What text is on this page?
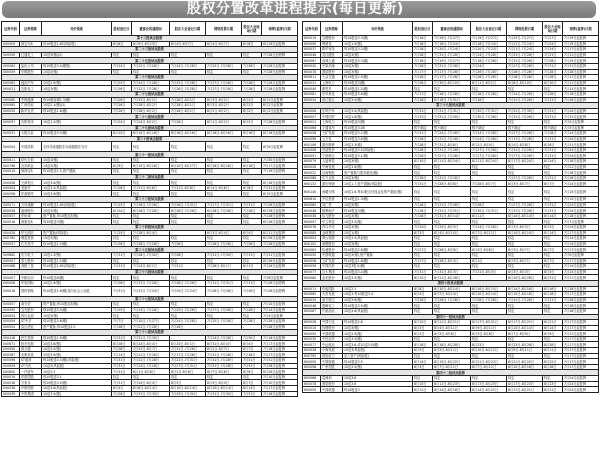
股权分置改革进程提示(每日更新)
证券代码	证券简称	对价预案	股权登记日	董事会沟通期间	股东大会登记日期	网络投票日期	股东大会现场日期	停牌(复牌)日期
第十三批试点股票								
000009	深宝安A	每10股送1.65(风险股)	6月8日	6月9日-6月23日	6月4日-6月7日	6月4日-6月7日	6月8日	6月19日起复牌
第二十三批试点股票								
000059	辽通化工	10送3(赠)(2)	待定	待定	待定	待定	待定	7月28日起停牌
第二十五批试点股票								
000084	盐化公司	每10股送3.4(赠股)	7月24日	7月22日-7月28日	7月24日-7月28日	7月25日-7月28日	7月28日	7月28日起复牌
000059	华锦股份	10送3(赠)	待定	待定	待定	待定	待定	7月28日起停牌
第二十六批试点股票								
000063	福田汽车	10送2.9(赠)	7月25日	7月24日-7月28日	7月25日-7月28日	7月27日-7月28日	7月28日	7月28日起复牌
000021	沈阳化工	10送3(赠)	7月26日	7月22日-7月28日	7月26日-7月28日	7月27日-7月28日	7月28日	7月28日起复牌
第二十七批试点股票								
000080	中科健康	每10股转增1.3(赠)	7月26日	7月25日-8月2日	7月28日-8月1日	8月3日-8月2日	8月2日	8月2日起复牌
000065	广州药业	10送2.1(赠)(2)	7月26日	7月28日-8月2日	7月28日-8月1日	8月3日-8月2日	8月2日	8月2日起复牌
000050	新华百货	每10股送1.6(赠)	7月26日	7月28日-8月2日	7月28日-8月1日	8月2日-8月2日	8月2日	8月2日起复牌
第二十八批试点股票								
000097	沈阳机床	10送1.2(赠)	7月24日	7月24日-8月2日	7月28日	8月1日-8月2日	8月2日	7月28日起复牌
第二十九批试点股票								
000031	太极实业	每10股送3.3(赠)	8月10日	8月10日-8月16日	8月16日-8月16日	8月16日-8月16日	8月16日	8月16日起复牌
第三十批试点股票								
000004	中国高科	全体非流通股东向流通股东支付	待定	待定	待定	待定	待定	8月9日起复牌
第三十一批试点股票								
000611	时代万恒	10送3(赠)	待定	待定	待定	待定	待定	7月30日起复牌
000796	宜宾纸业	10送3(赠)	8月9日	8月10日-8月16日	8月10日-8月17日	8月16日-8月16日	8月16日	7月17日起复牌
000019	深深宝A	每10股送1.5,资产置换	待定	待定	待定	待定	待定	7月19日起停牌
第三十二批试点股票								
000058	天津松江	10送3.6(赠)	待定	待定	待定	待定	待定	8月16日起复牌
000004	美丽华	10送3.5(风险股)	7月28日	7月31日-8月8日	7月31日-8月8日	8月4日-8月8日	8月8日	7月31日起复牌
000058	华润锦华	10送3.6(赠)	待定	待定	待定	待定	待定	8月5日起复牌
第三十三批试点股票								
000071	万向钱潮	每10股送1.65(风险股)	7月25日	7月26日-7月28日	7月26日-7月31日	7月27日-7月31日	7月31日	7月28日起复牌
000058	盛润股份	10送3(赠)	6月24日	6月26日-7月28日	6月26日-7月28日	6月28日-7月28日	7月28日	6月26日起复牌
000057	华侨城	资产置换,每10股送3(赠)	待定	待定	待定	待定	待定	7月28日起停牌
000016	深康佳A	每10股送3(赠)	待定	待定	待定	待定	待定	8月16日起复牌
第三十四批试点股票								
000428	华天酒店	资产置换(风险股)	7月25日	7月28日-8月4日	-	8月3日-8月4日	8月4日	8月11日起复牌
000760	博盈投资	10送3(赠)	待定	待定	待定	待定	待定	8月26日起复牌
000057	江苏吴中	每10股送1.5(赠)	7月28日	7月28日-7月28日	7月28日	7月28日-7月28日	7月28日	7月28日起复牌
第三十五批试点股票								
000682	东方电子	10送1.3(赠)	7月31日	7月28日-7月30日	7月28日	7月31日-7月30日	7月31日	7月31日起复牌
000007	零七股份	每10股送1.5(赠)	待定	待定	待定	待定	待定	8月16日起复牌
000068	赛格三星	每10股送1.65(风险股)	7月31日	7月24日-8月1日	7月31日	7月28日-8月1日	8月1日	7月26日起复牌
第三十六批试点股票								
000007	中粮屯河	每10股送6(赠)	待定	待定	待定	待定	待定	7月6日起复牌
000058	华电国际	10送2.9(赠)	7月28日	7月31日-7月28日	7月28日-7月28日	7月31日-7月31日	7月31日	7月28日起停牌
000016	国恒铁路	每10股送1.6(赠)及向社会公众股	7月31日	7月31日-7月24日	7月25日-7月24日	7月28日-7月28日	7月28日	7月28日起停牌
第三十七批试点股票								
000007	南天信	资产置换,每10股送3(赠)	待定	待定	待定	待定	待定	7月10日起复牌
000595	宝光股份	每10股送3.5(赠)	7月25日	7月24日-7月28日	7月25日-7月28日	7月27日-7月28日	7月28日	7月14日起复牌
000054	四川金顶	10送3(赠)	待定	待定	待定	待定	待定	7月4日起复牌
000009	ST中孚	每10股送3.6(赠)	7月7日	7月10日-7月27日	7月24日-7月28日	7月25日-7月28日	7月28日	7月28日起复牌
000054	皇台酒业	资产置换,每10股送1.5	7月26日	7月21日-7月28日	7月26日	-	-	7月28日起停牌
第三十八批试点股票								
000416	民生投资	每10股送1.9(赠)	7月31日	7月31日-7月30日	-	7月24日-7月28日	7月30日	7月18日起复牌
000671	阳光发展	10送3.8(赠)	8月28日	8月24日-8月4日	8月24日-8月1日	8月31日-8月4日	8月4日	7月17日起复牌
000090	深天健	10送3.5(赠)	7月28日	7月31日-8月7日	7月31日-7月28日	8月2日-8月7日	8月7日	7月18日起复牌
000587	光明家具	10送3.9(赠)	7月14日	7月21日-7月28日	7月17日-7月28日	7月31日-7月28日	7月28日	7月17日起复牌
000096	ST盛润	每10股送3.3(赠)(风险股)	7月31日	7月22日-7月28日	7月22日-7月31日	7月31日-7月28日	7月31日	7月31日起复牌
000059	ST天化	10送3(风险股)	7月31日	7月24日-7月28日	7月27日-7月31日	7月31日-7月28日	7月31日	7月28日起复牌
000800	一汽轿车	10送3.3	7月31日	8月1日-8月8日	8月1日-8月8日	8月7日-8月8日	8月8日	8月26日起复牌
000019	华联控股	每10股送3.1	待定	待定	待定	待定	待定	7月10日起复牌
000016	万家乐	每10股送3.5(赠)	7月31日	7月24日-8月4日	8月3日	8月3日-8月4日	8月7日	7月10日起复牌
000036	华联控股	10送3.6(风险股)	8月4日	8月8日-8月14日	8月10日-8月14日	8月10日-8月14日	8月14日	7月17日起复牌
000039	中集集团	10送3.5(赠)	7月28日	7月31日-7月30日	7月25日-7月30日	7月31日-7月30日	7月31日	7月18日起复牌
证券代码	证券简称	对价预案	股权登记日	董事会沟通期间	股东大会登记日期	网络投票日期	股东大会现场日期	停牌(复牌)日期
600019	宝钢股份	每10股送3.3(赠)	7月18日	7月19日-7月27日	7月19日-7月27日	7月25日-7月27日	7月27日	7月19日起复牌
600090	啤酒花	10送1.9(赠)	7月18日	7月18日-7月24日	7月18日-7月24日	7月21日-7月24日	7月24日	7月19日起复牌
600037	歌华有线	每10股送3.2(赠)	7月18日	7月20日-7月24日	7月20日-7月23日	7月21日-7月24日	7月24日	7月17日起复牌
600046	武汉健民	10送3(赠)	7月28日	7月31日-7月28日	7月24日-7月28日	7月31日-7月28日	7月31日	7月31日起复牌
600067	冠城大通	每10股送3.3(赠)	7月18日	7月19日-7月27日	7月18日-7月28日	7月31日-7月28日	7月28日	7月19日起复牌
600020	中原高速	10送3(赠)	7月28日	7月31日-7月28日	7月24日	7月27日-7月28日	7月31日	7月31日起复牌
600078	澄星股份	10送3(赠)	7月17日	7月17日-7月28日	7月26日-7月28日	7月26日-7月28日	7月28日	7月28日起复牌
600611	大众交通	每10股送2.5(赠)	7月28日	7月17日-7月28日	7月26日-7月28日	7月26日-7月28日	7月28日	7月17日起复牌
600021	上海电力	每10股送3(赠)	7月28日	7月30日-8月10日	8月11日-8月1日	8月8日-8月10日	8月10日	7月11日起复牌
600040	康恩贝	每10股送1.2(赠)	待定	待定	待定	待定	待定	7月11日起复牌
600081	东风科技	每10股送3.6(赠)	7月17日	7月18日-7月28日	7月18日-7月28日	7月24日-7月28日	7月28日	7月18日起复牌
600024	浙江震元	10送3.5(赠)	7月28日	8月18日-7月31日	7月18日	7月31日-7月28日	7月31日	7月28日起复牌
第三十九批试点股票								
600006	东风汽车	10送3.5(风险股)	7月31日	7月31日-7月31日	7月30日-7月31日	7月31日-7月30日	7月31日	7月24日起复牌
600007	中国国贸	10送1.8(赠)	7月31日	7月31日-7月28日	7月30日-7月28日	7月31日-7月28日	7月31日	7月31日起复牌
600021	上海电力	每10股送3(赠)	待定	待定	待定	待定	待定	7月5日起复牌
600066	宇通客车	每10股送3.08	暂不确定	暂不确定	暂不确定	暂不确定	暂不确定	7月5日起复牌
600058	五矿发展	每10股送3.2(赠)	7月31日	7月24日-7月28日	7月24日-7月28日	7月27日-7月28日	7月28日	7月24日起复牌
600096	云天化	每10股送3.6(赠)	7月28日	7月31日-7月28日	7月24日-7月28日	7月31日-7月28日	7月31日	7月24日起复牌
600106	重庆路桥	10送3.3(赠)	7月28日	7月31日-8月8日	8月2日-8月4日	8月4日-8月8日	8月8日	7月31日起复牌
600008	首创股份	每10股送3.5(风险股)	7月28日	7月31日-7月28日	7月27日-7月28日	7月31日-7月28日	7月31日	7月24日起复牌
600051	宁波联合	每10股送3.1(赠)	7月28日	7月27日-7月28日	7月27日-7月28日	7月27日-7月28日	7月31日	7月24日起复牌
600079	人福科技	10送3(赠)	8月10日	8月11日-8月24日	8月11日-8月24日	8月17日-8月24日	8月24日	7月18日起复牌
600026	中海发展	10送3.6(赠)	待定	待定	待定	待定	待定	7月21日起复牌
600022	济南钢铁	资产置换与债务重组(赠)	待定	待定	待定	待定	待定	7月18日起复牌
600086	东方金钰	10送3(赠)	7月28日	7月31日-7月28日	-	7月27日-7月28日	7月31日	7月18日起复牌
600132	重庆啤酒	10送1.7,资产置换(风险股)	7月31日	7月28日-8月8日	7月28日-8月7日	8月3日-8月7日	8月7日	7月24日起复牌
600140	西藏天路	10送1.6,每10股支付现金及资产重组(赠)	待定	待定	待定	待定	待定	7月15日起复牌
600610	中纺投资	每10股送1.3(赠)	待定	待定	待定	待定	待定	7月15日起复牌
600085	同仁堂	10送3(赠)	7月28日	7月21日-7月28日	7月28日	7月27日-7月28日	7月31日	7月24日起复牌
600048	保利地产	每10股送3(赠)	7月28日	7月31日-7月31日	7月30日-7月31日	7月31日-7月28日	7月31日	7月24日起复牌
600038	哈飞股份	10送3(赠)	7月28日	7月31日-8月14日	8月11日	8月10日-8月14日	8月14日	7月18日起复牌
600097	华立科技	10送3.5(赠)	待定	待定	待定	待定	待定	7月7日起复牌
600076	青鸟华光	10送3(赠)	7月24日	7月24日-8月3日	7月24日-7月28日	8月3日-8月3日	8月3日	7月24日起复牌
600085	金地集团	10送1(赠)	8月3日	8月4日-8月10日	8月7日-8月11日	8月10日-8月14日	8月14日	7月17日起复牌
600054	黄山旅游	10送3.5(风险股)	待定	待定	待定	待定	待定	7月14日起复牌
600102	莱钢股份	10送3(赠)	待定	待定	待定	待定	待定	7月14日起复牌
600083	哈慈股份	每10股送2.8(赠)	7月27日	7月28日-8月8日	8月3日-8月8日	8月3日-8月7日	8月7日	7月17日起复牌
600050	中国联通	10送3(赠),资产置换	待定	待定	待定	待定	待定	7月5日起复牌
600058	五矿发展	每10股送1.8(赠)	7月27日	7月28日-8月3日	8月1日	8月3日-8月7日	8月7日	7月17日起复牌
600056	中国医药	10送3股本(赠)	待定	待定	待定	待定	待定	7月14日起复牌
600077	百大集团	每10股送3.4(赠)	7月31日	7月31日-8月3日	7月31日-8月3日	8月3日-8月3日	8月3日	7月24日起复牌
600080	金花股份	10送3.5(赠)	8月10日	8月11日-8月28日	-	8月10日-8月28日	8月31日	7月17日起复牌
第四十批试点股票								
600011	华能国际	10送2.3	8月8日	8月10日-8月14日	8月10日-8月15日	8月14日-8月16日	8月16日	7月18日起复牌
600665	天房发展	10送3,每10股送3.4	8月4日	8月7日-8月14日	8月10日-8月14日	8月10日-8月16日	8月16日	7月17日起复牌
600029	南方航空	10送3.6(赠)	7月26日	7月28日-7月28日	7月28日-7月28日	7月31日-7月28日	7月31日	7月28日起复牌
600048	建峰化工	每10股送3.5(赠)	待定	待定	待定	待定	待定	7月18日起复牌
600087	长航油运	10送3.6(风险股)	待定	待定	待定	待定	待定	7月18日起复牌
第四十一批试点股票								
600028	中国石化	每10股送2.8	8月10日	8月11日-8月21日	8月17日-8月21日	8月17日-8月21日	8月21日	7月17日起复牌
600010	包钢股份	10送3(赠)	8月3日	8月4日-8月11日	8月9日-8月11日	8月10日-8月14日	8月14日	7月17日起复牌
600050	中国联通	10送2.9(赠)	8月3日	8月3日-8月8日	8月3日-8月8日	8月7日-8月9日	8月9日	7月17日起复牌
600030	中信证券	10送3.5(赠)	待定	待定	待定	待定	待定	7月17日起复牌
600077	中远航运	10送3.6,或10送3.5(赠)	8月18日	8月18日-8月28日	8月23日	8月23日-8月28日	8月28日	7月17日起复牌
600026	中海发展	10送3(风险股)	8月3日	8月3日-8月11日	8月10日-8月11日	8月9日-8月11日	8月11日	7月17日起复牌
600795	国电电力	送入资产(风险股)	待定	待定	待定	待定	待定	7月17日起复牌
600050	中国联通	每10股送3.5	8月14日	8月15日-8月22日	8月21日-8月22日	8月21日-8月22日	8月22日	7月17日起复牌
600098	广州控股	10送3.5(赠)	8月3日	8月7日-8月11日	8月7日-8月11日	8月10日-8月16日	8月16日	7月17日起复牌
第四十二批试点股票								
600068	葛洲坝	10送3.6	待定	待定	待定	待定	待定	7月24日起复牌
600078	澄星股份	10送3.6	8月10日	8月11日-8月23日	8月17日-8月23日	8月17日-8月23日	8月23日	7月24日起复牌
600050	中国联通	每10股送3	8月11日	8月14日-8月18日	8月14日-8月21日	8月17日-8月21日	8月21日	7月24日起复牌
